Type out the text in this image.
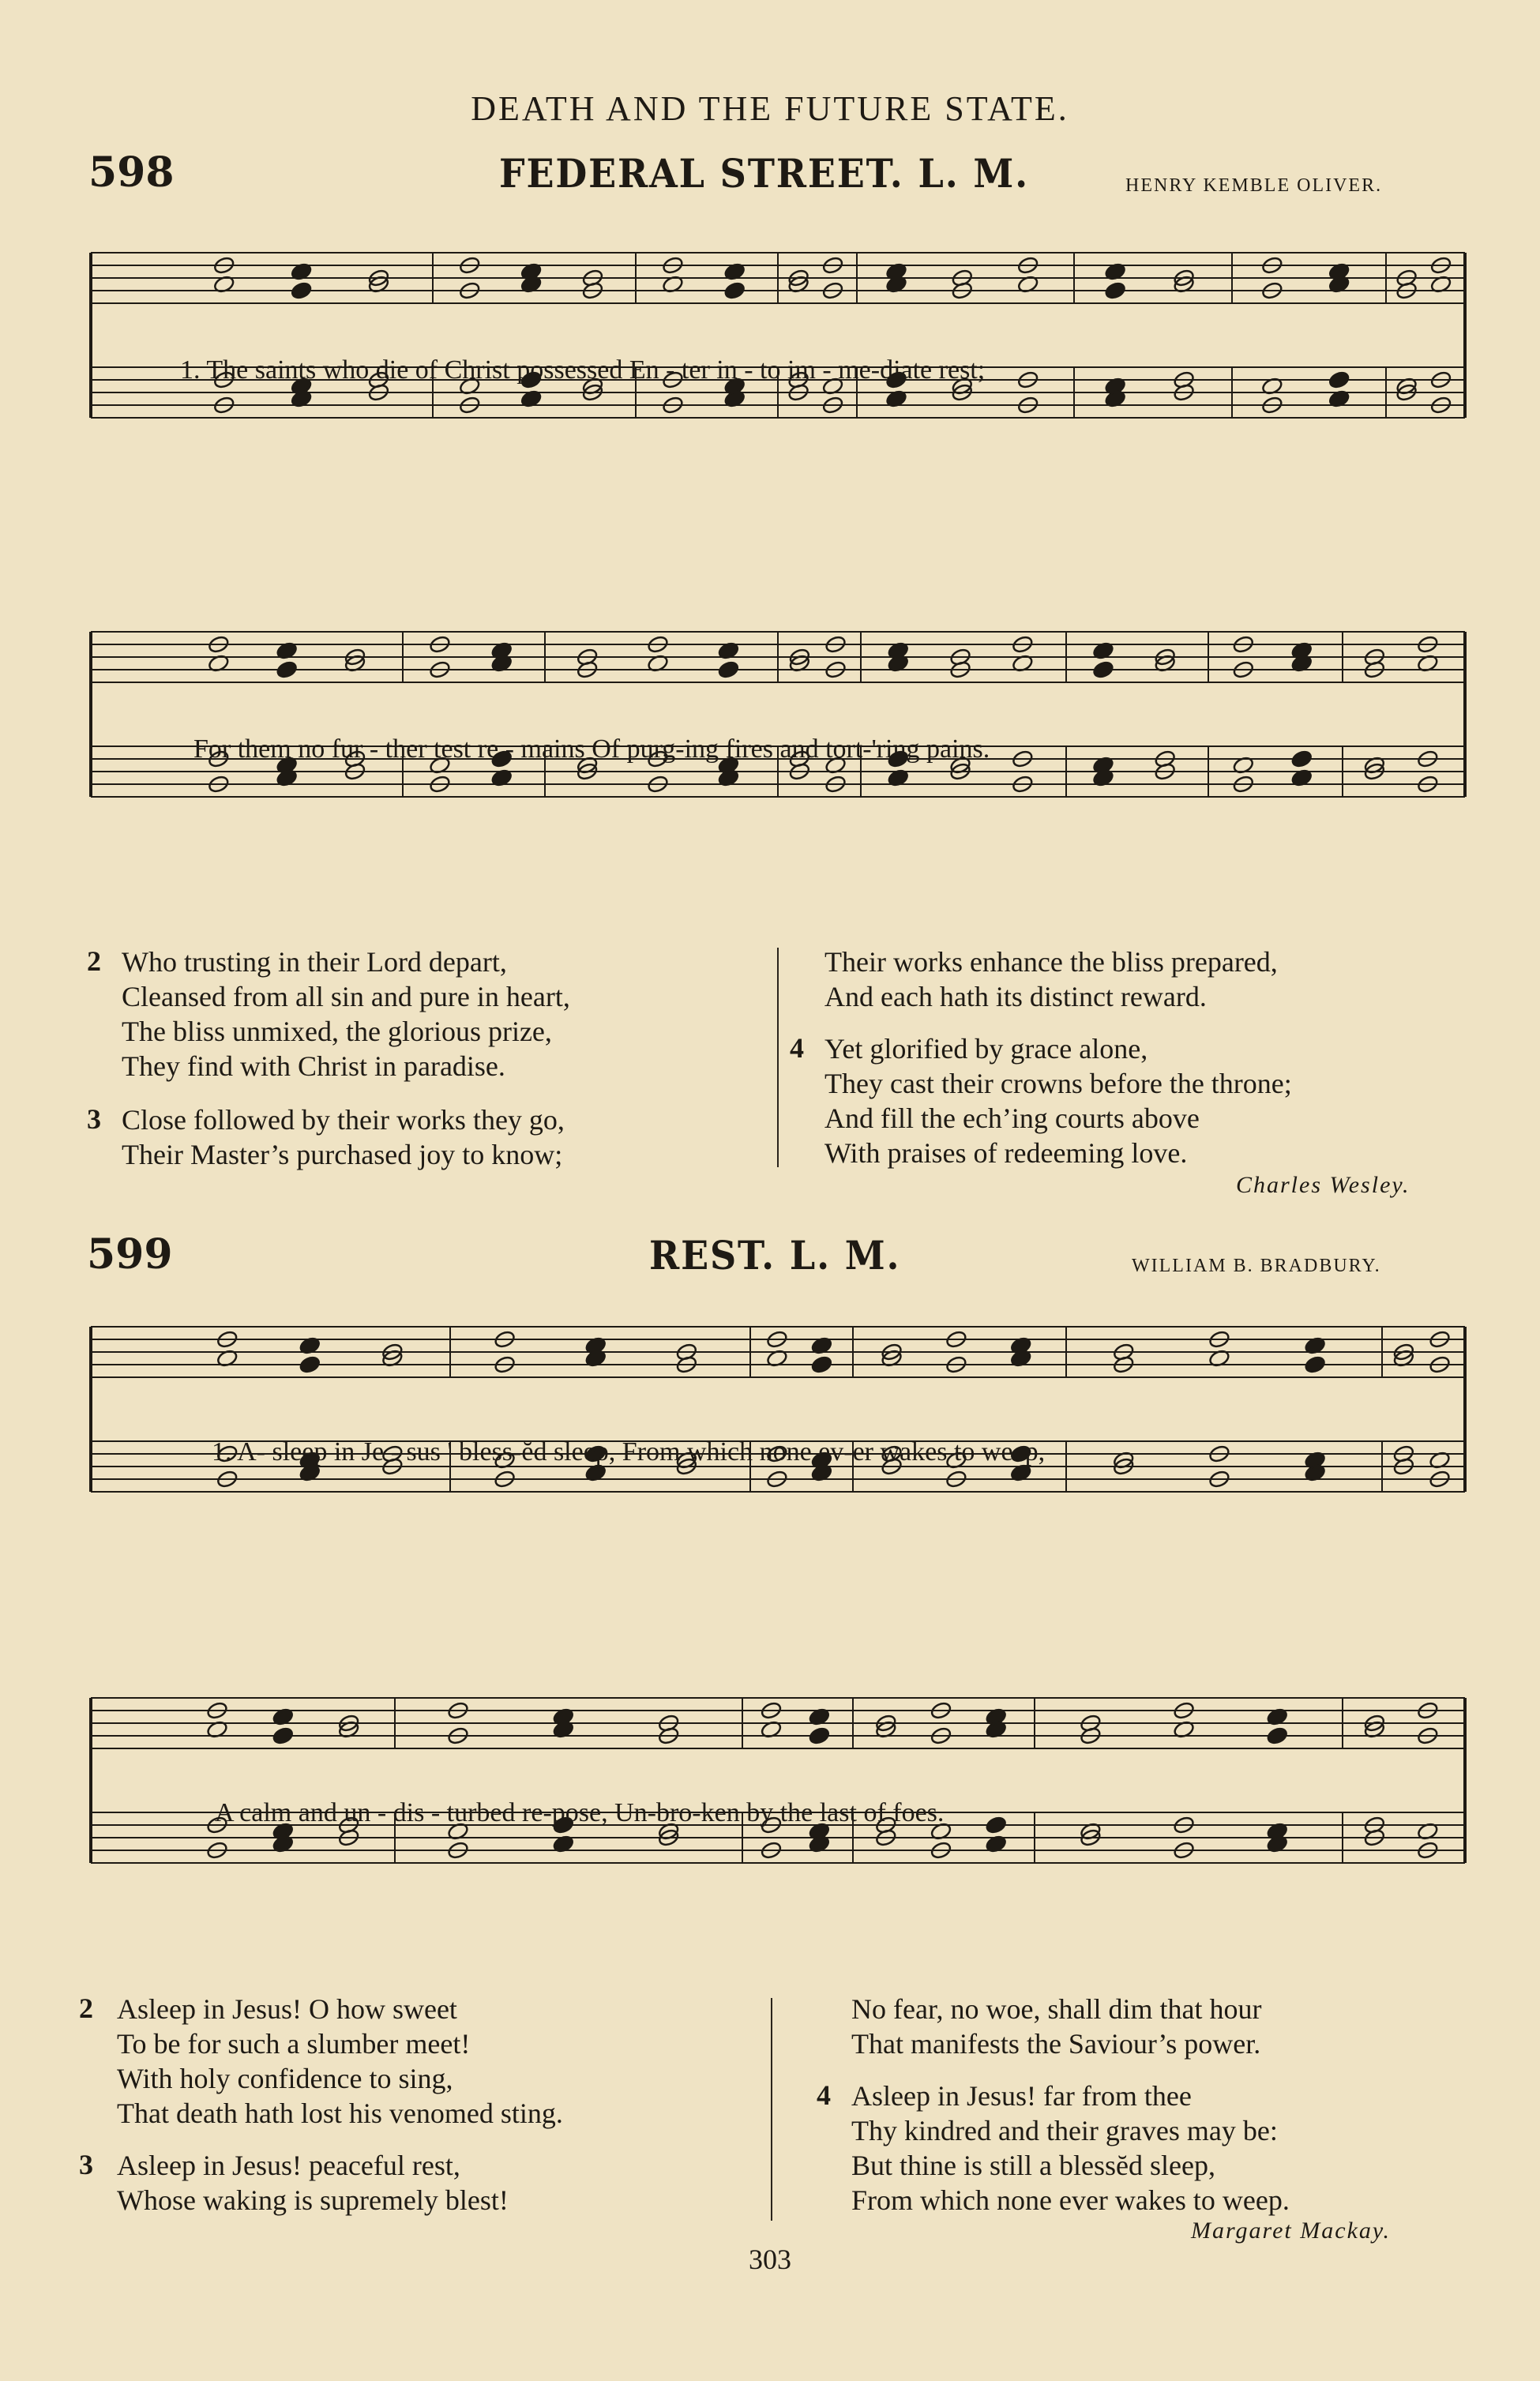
DEATH AND THE FUTURE STATE.
598	FEDERAL STREET. L. M.	HENRY KEMBLE OLIVER.
1. The saints who die of Christ possessed En - ter in - to im - me-diate rest;
For them no fur - ther test re - mains Of purg-ing fires and tort-'ring pains.
2 Who trusting in their Lord depart,
Cleansed from all sin and pure in heart,
The bliss unmixed, the glorious prize,
They find with Christ in paradise.
3 Close followed by their works they go,
Their Master’s purchased joy to know;
Their works enhance the bliss prepared,
And each hath its distinct reward.
4 Yet glorified by grace alone,
They cast their crowns before the throne;
And fill the ech’ing courts above
With praises of redeeming love.
Charles Wesley.
599	REST. L. M.	WILLIAM B. BRADBURY.
1. A- sleep in Je - sus ' bless-ĕd sleep, From which none ev-er wakes to weep,
A calm and un - dis - turbed re-pose, Un-bro-ken by the last of foes.
2 Asleep in Jesus! O how sweet
To be for such a slumber meet!
With holy confidence to sing,
That death hath lost his venomed sting.
3 Asleep in Jesus! peaceful rest,
Whose waking is supremely blest!
No fear, no woe, shall dim that hour
That manifests the Saviour’s power.
4 Asleep in Jesus! far from thee
Thy kindred and their graves may be:
But thine is still a blessĕd sleep,
From which none ever wakes to weep.
Margaret Mackay.
303
